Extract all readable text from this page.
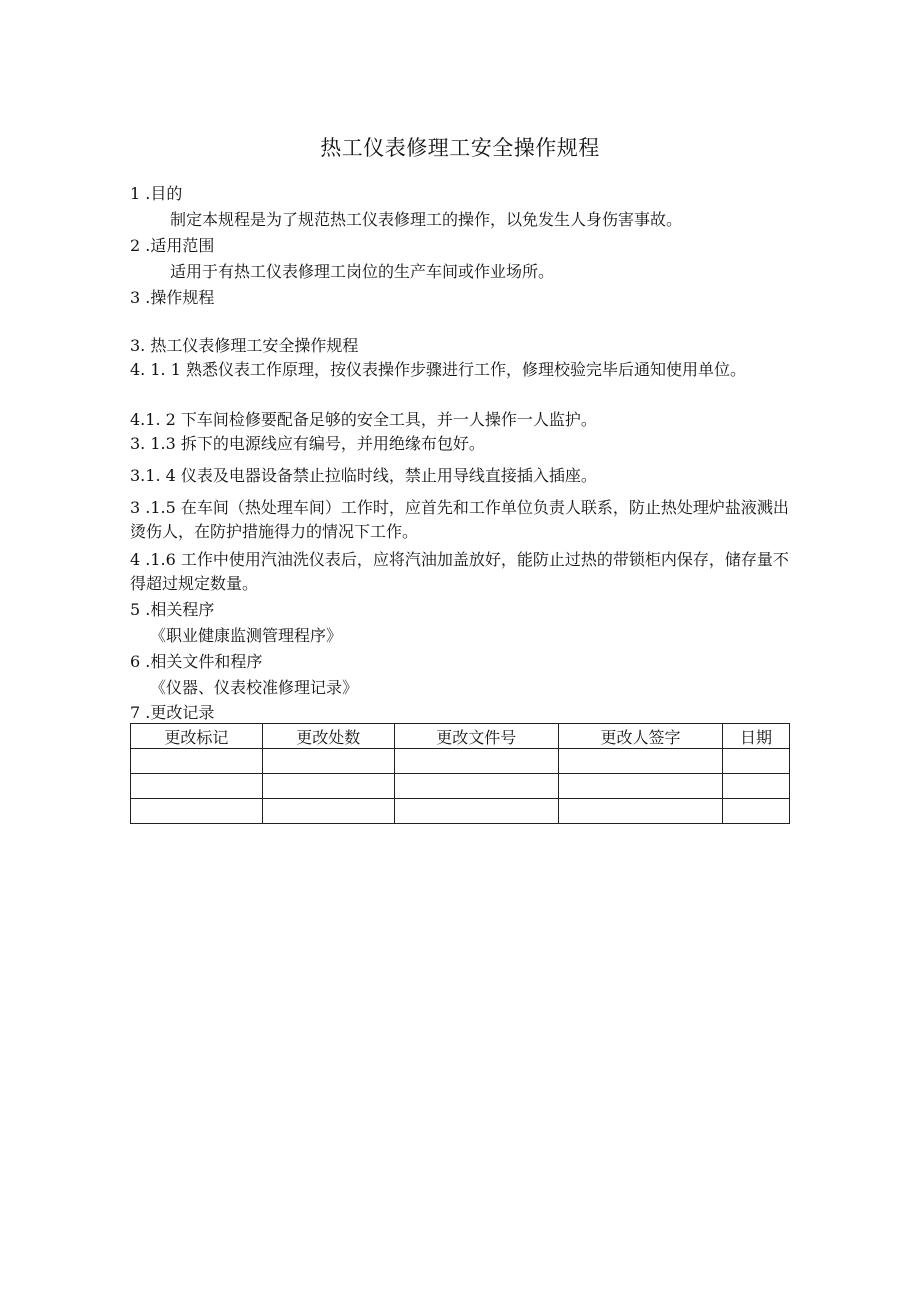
热工仪表修理工安全操作规程
1 .目的
制定本规程是为了规范热工仪表修理工的操作，以免发生人身伤害事故。
2 .适用范围
适用于有热工仪表修理工岗位的生产车间或作业场所。
3 .操作规程
3. 热工仪表修理工安全操作规程
4. 1. 1 熟悉仪表工作原理，按仪表操作步骤进行工作，修理校验完毕后通知使用单位。
4.1. 2 下车间检修要配备足够的安全工具，并一人操作一人监护。
3. 1.3 拆下的电源线应有编号，并用绝缘布包好。
3.1. 4 仪表及电器设备禁止拉临时线，禁止用导线直接插入插座。
3 .1.5 在车间（热处理车间）工作时，应首先和工作单位负责人联系，防止热处理炉盐液溅出烫伤人，在防护措施得力的情况下工作。
4 .1.6 工作中使用汽油洗仪表后，应将汽油加盖放好，能防止过热的带锁柜内保存，储存量不得超过规定数量。
5 .相关程序
《职业健康监测管理程序》
6 .相关文件和程序
《仪器、仪表校准修理记录》
7 .更改记录
更改标记	更改处数	更改文件号	更改人签字	日期
